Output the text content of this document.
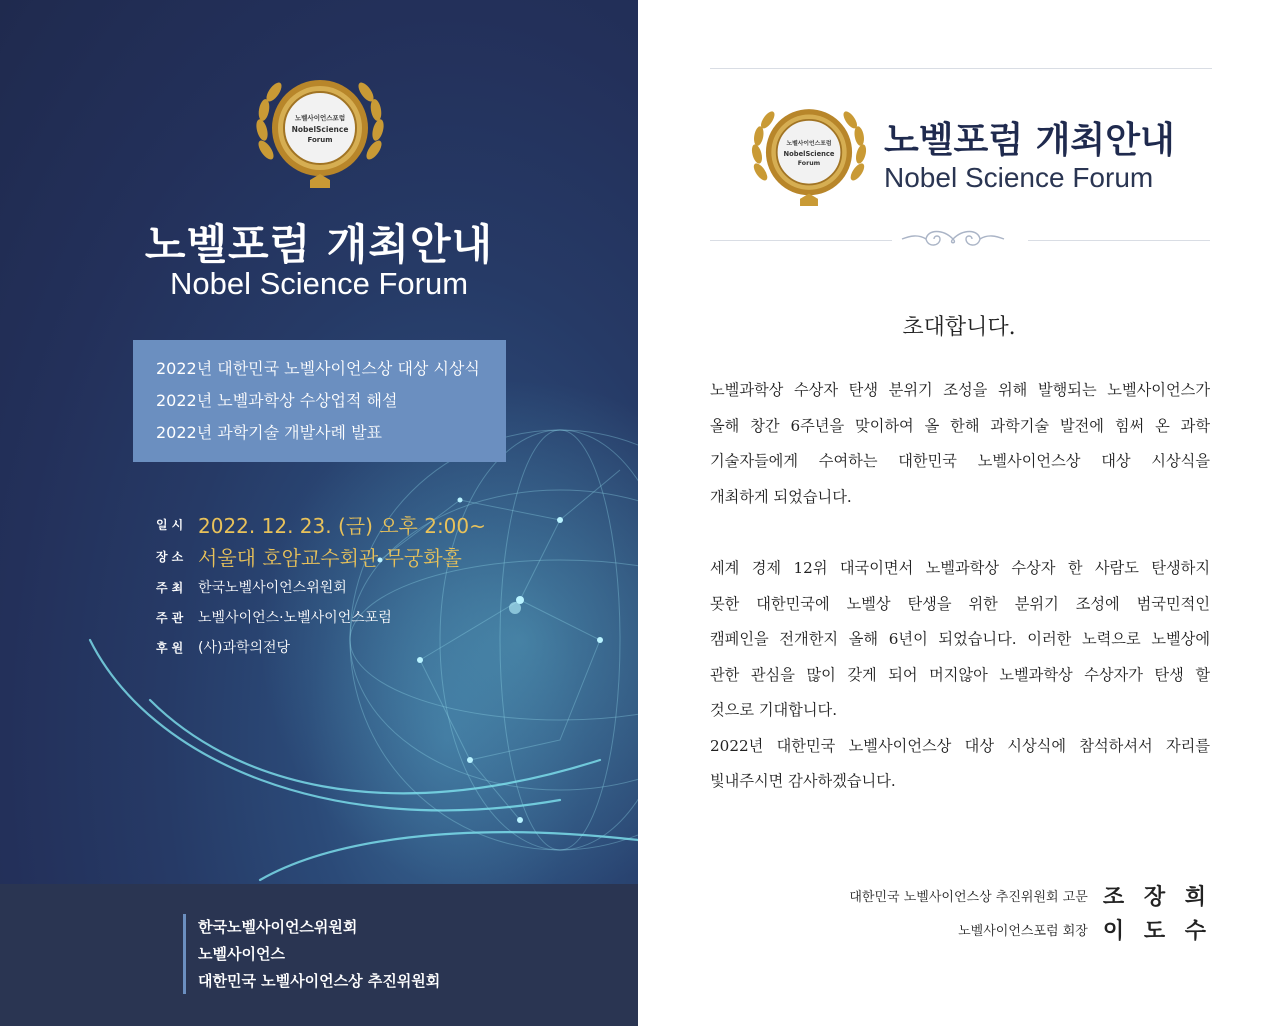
노벨사이언스포럼
NobelScience
Forum
노벨포럼 개최안내
Nobel Science Forum
2022년 대한민국 노벨사이언스상 대상 시상식
2022년 노벨과학상 수상업적 해설
2022년 과학기술 개발사례 발표
일시 2022. 12. 23. (금) 오후 2:00~
장소 서울대 호암교수회관 무궁화홀
주최 한국노벨사이언스위원회
주관 노벨사이언스·노벨사이언스포럼
후원 (사)과학의전당
한국노벨사이언스위원회
노벨사이언스
대한민국 노벨사이언스상 추진위원회
노벨사이언스포럼
NobelScience
Forum
노벨포럼 개최안내
Nobel Science Forum
초대합니다.
노벨과학상 수상자 탄생 분위기 조성을 위해 발행되는 노벨사이언스가
올해 창간 6주년을 맞이하여 올 한해 과학기술 발전에 힘써 온 과학
기술자들에게 수여하는 대한민국 노벨사이언스상 대상 시상식을
개최하게 되었습니다.
세계 경제 12위 대국이면서 노벨과학상 수상자 한 사람도 탄생하지
못한 대한민국에 노벨상 탄생을 위한 분위기 조성에 범국민적인
캠페인을 전개한지 올해 6년이 되었습니다. 이러한 노력으로 노벨상에
관한 관심을 많이 갖게 되어 머지않아 노벨과학상 수상자가 탄생 할
것으로 기대합니다.
2022년 대한민국 노벨사이언스상 대상 시상식에 참석하셔서 자리를
빛내주시면 감사하겠습니다.
대한민국 노벨사이언스상 추진위원회 고문 조 장 희
노벨사이언스포럼 회장 이 도 수
